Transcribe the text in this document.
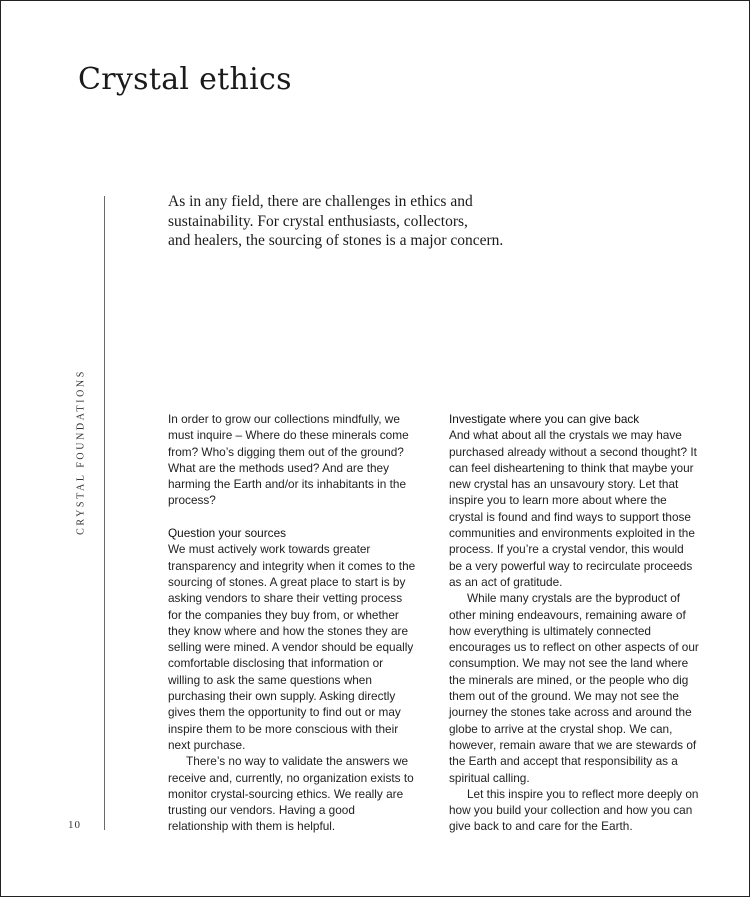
Crystal ethics
CRYSTAL FOUNDATIONS
As in any field, there are challenges in ethics and
sustainability. For crystal enthusiasts, collectors,
and healers, the sourcing of stones is a major concern.

In order to grow our collections mindfully, we must inquire – Where do these minerals come from? Who’s digging them out of the ground? What are the methods used? And are they harming the Earth and/or its inhabitants in the process?

Question your sources

We must actively work towards greater transparency and integrity when it comes to the sourcing of stones. A great place to start is by asking vendors to share their vetting process for the companies they buy from, or whether they know where and how the stones they are selling were mined. A vendor should be equally comfortable disclosing that information or willing to ask the same questions when purchasing their own supply. Asking directly gives them the opportunity to find out or may inspire them to be more conscious with their next purchase.

There’s no way to validate the answers we receive and, currently, no organization exists to monitor crystal-sourcing ethics. We really are trusting our vendors. Having a good relationship with them is helpful.

Investigate where you can give back

And what about all the crystals we may have purchased already without a second thought? It can feel disheartening to think that maybe your new crystal has an unsavoury story. Let that inspire you to learn more about where the crystal is found and find ways to support those communities and environments exploited in the process. If you’re a crystal vendor, this would be a very powerful way to recirculate proceeds as an act of gratitude.

While many crystals are the byproduct of other mining endeavours, remaining aware of how everything is ultimately connected encourages us to reflect on other aspects of our consumption. We may not see the land where the minerals are mined, or the people who dig them out of the ground. We may not see the journey the stones take across and around the globe to arrive at the crystal shop. We can, however, remain aware that we are stewards of the Earth and accept that responsibility as a spiritual calling.

Let this inspire you to reflect more deeply on how you build your collection and how you can give back to and care for the Earth.

10
